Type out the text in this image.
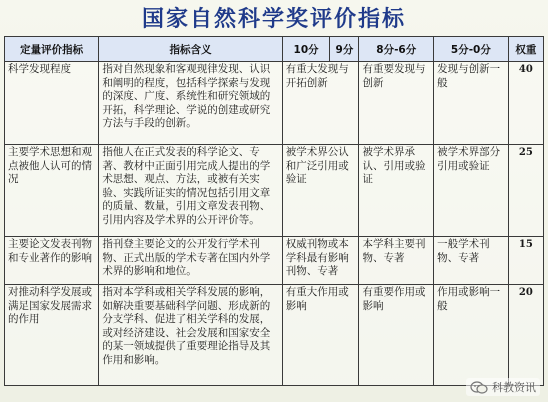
国家自然科学奖评价指标
定量评价指标	指标含义	10分	9分	8分-6分	5分-0分	权重
科学发现程度	指对自然现象和客观现律发现、认识和阐明的程度，包括科学探索与发现的深度、广度、系统性和研究领域的开拓，科学理论、学说的创建或研究方法与手段的创新。	有重大发现与开拓创新		有重要发现与创新	发现与创新一般	40
主要学术思想和观点被他人认可的情况	指他人在正式发表的科学论文、专著、教材中正面引用完成人提出的学术思想、观点、方法，或被有关实验、实践所证实的情况包括引用文章的质量、数量，引用文章发表刊物、引用内容及学术界的公开评价等。	被学术界公认和广泛引用或验证		被学术界承认、引用或验证	被学术界部分引用或验证	25
主要论文发表刊物和专业著作的影响	指刊登主要论文的公开发行学术刊物、正式出版的学术专著在国内外学术界的影响和地位。	权威刊物或本学科最有影响刊物、专著		本学科主要刊物、专著	一般学术刊物、专著	15
对推动科学发展或满足国家发展需求的作用	指对本学科或相关学科发展的影响，如解决重要基础科学问题、形成新的分支学科、促进了相关学科的发展，或对经济建设、社会发展和国家安全的某一领域提供了重要理论指导及其作用和影响。	有重大作用或影响		有重要作用或影响	作用或影响一般	20
科教资讯
